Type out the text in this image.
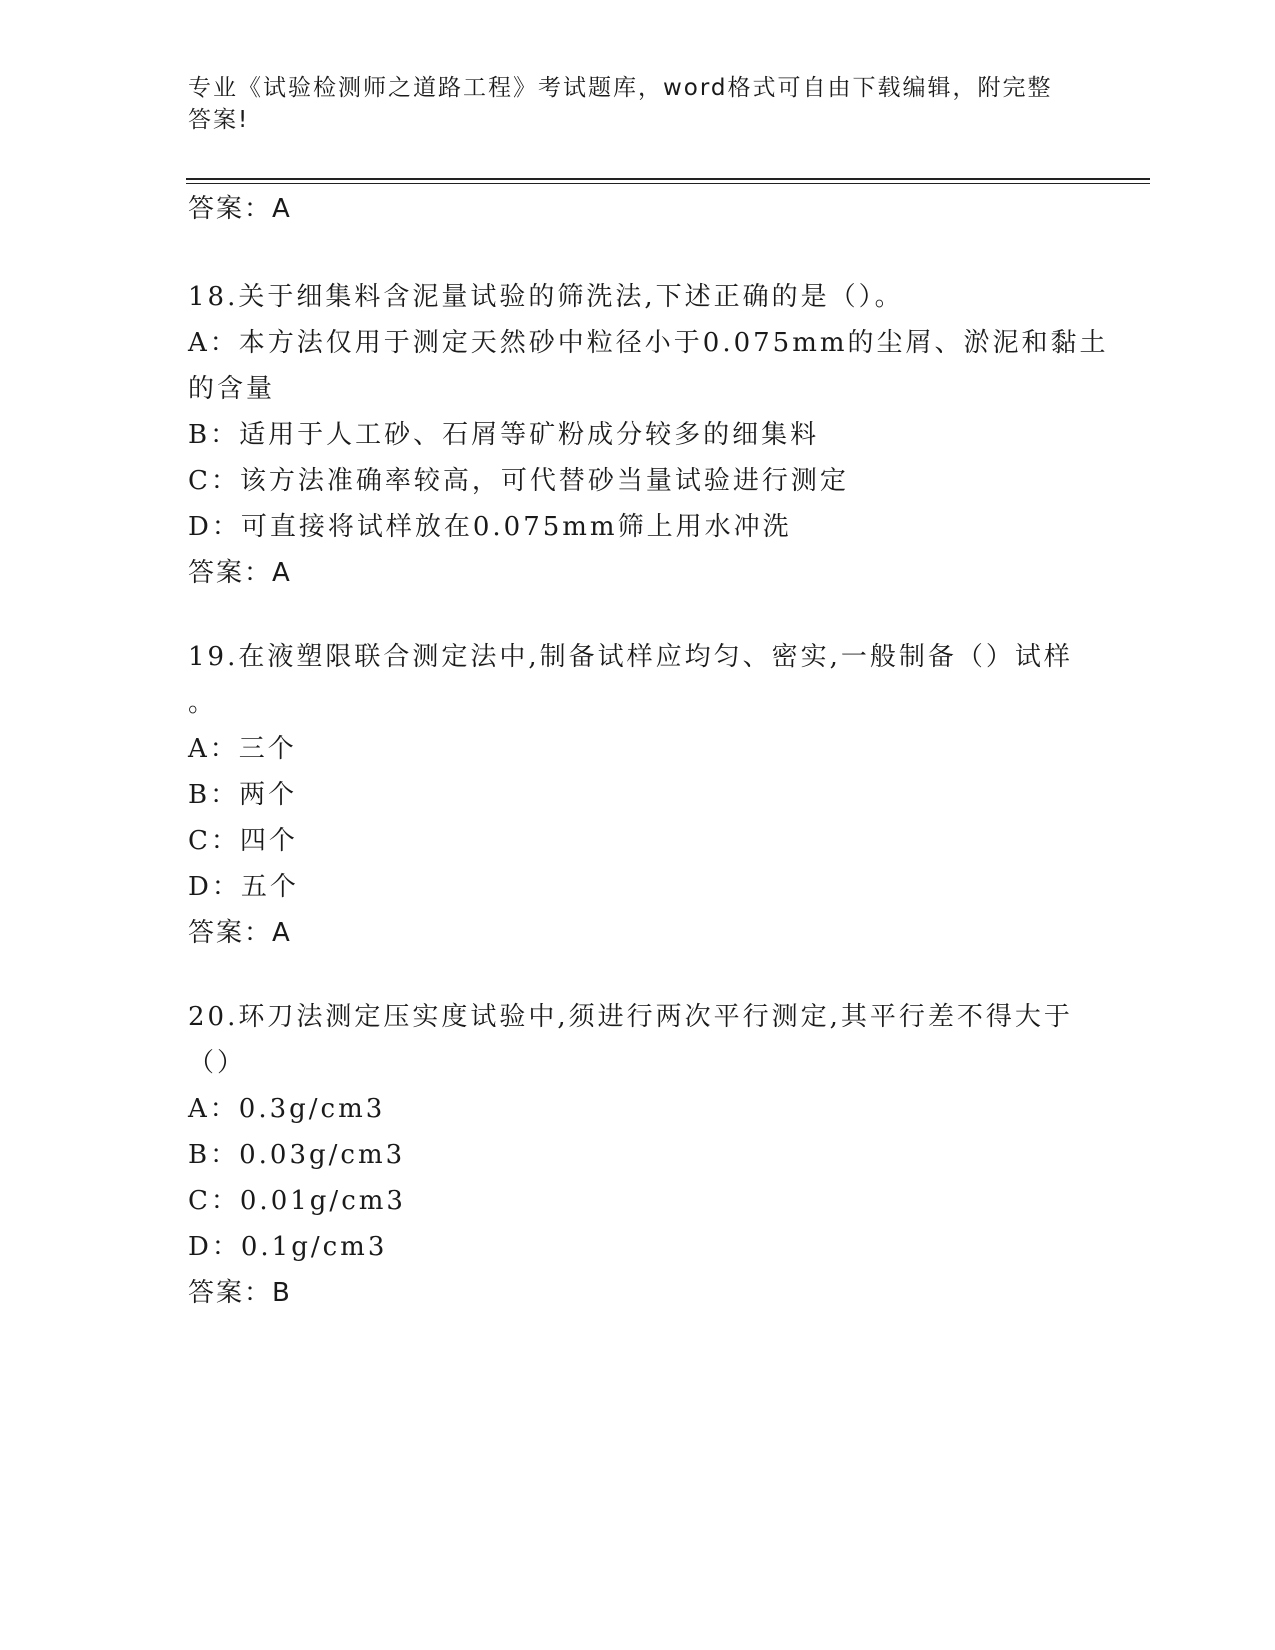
专业《试验检测师之道路工程》考试题库，word格式可自由下载编辑，附完整答案!
答案：A
18.关于细集料含泥量试验的筛洗法,下述正确的是（）。
A：本方法仅用于测定天然砂中粒径小于0.075mm的尘屑、淤泥和黏土
的含量
B：适用于人工砂、石屑等矿粉成分较多的细集料
C：该方法准确率较高，可代替砂当量试验进行测定
D：可直接将试样放在0.075mm筛上用水冲洗
答案：A
19.在液塑限联合测定法中,制备试样应均匀、密实,一般制备（）试样
。
A：三个
B：两个
C：四个
D：五个
答案：A
20.环刀法测定压实度试验中,须进行两次平行测定,其平行差不得大于
（）
A：0.3g/cm3
B：0.03g/cm3
C：0.01g/cm3
D：0.1g/cm3
答案：B
